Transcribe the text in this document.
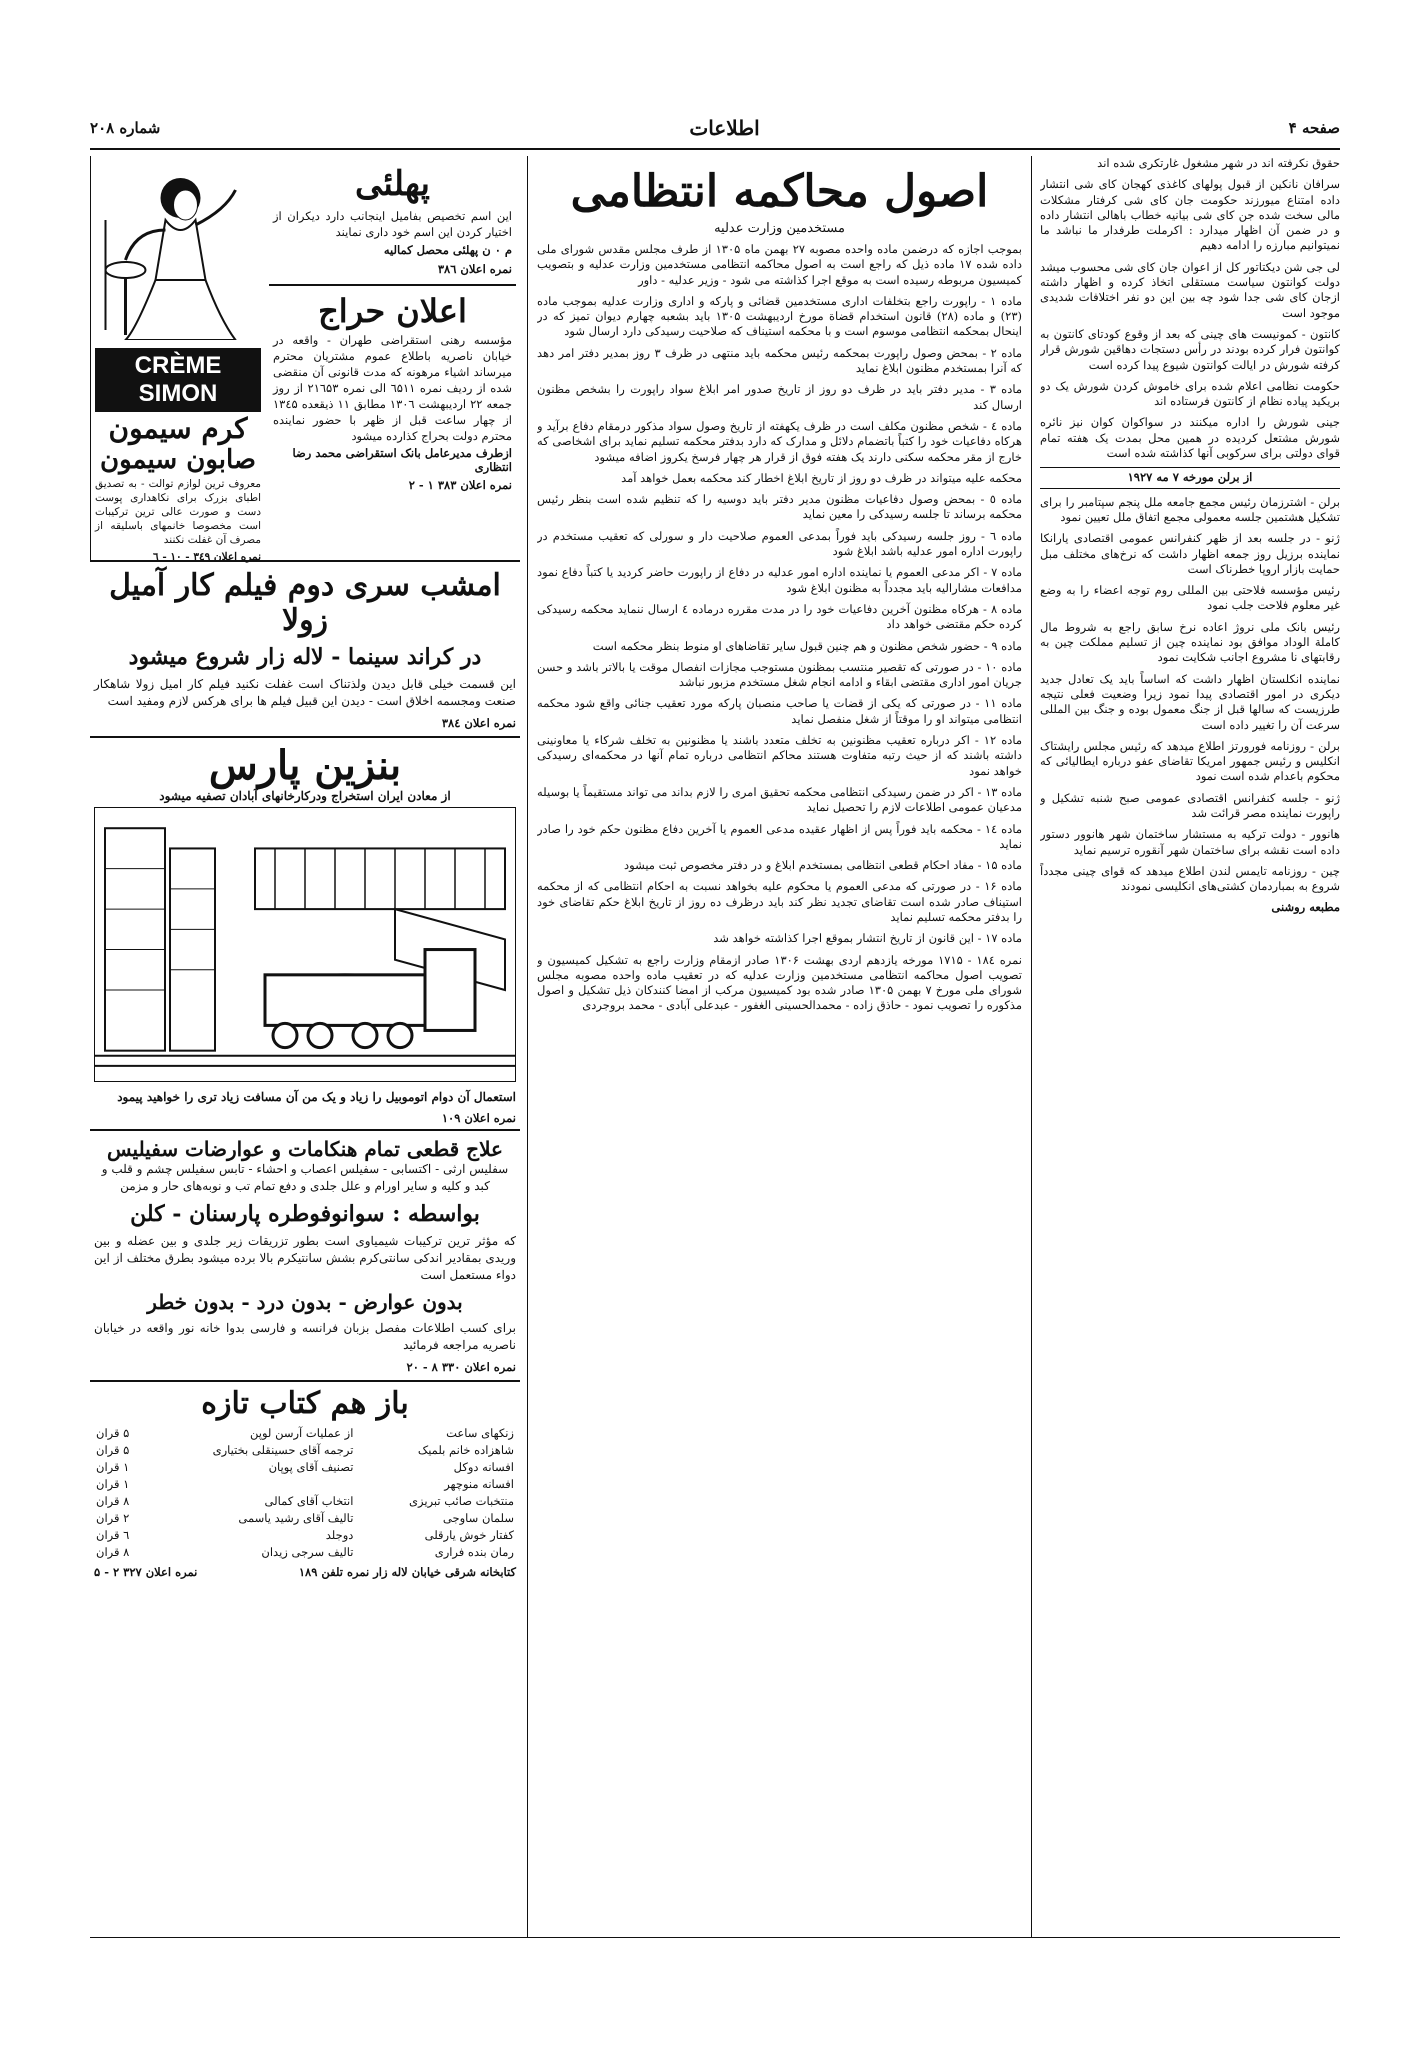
صفحه ۴
اطلاعات
شماره ۲۰۸

حقوق نکرفته اند در شهر مشغول غارتکری شده اند

سرافان نانکین از قبول پولهای کاغذی کهجان کای شی انتشار داده امتناع میورزند حکومت جان کای شی کرفتار مشکلات مالی سخت شده جن کای شی بیانیه خطاب باهالی انتشار داده و در ضمن آن اظهار میدارد : اکرملت طرفدار ما نباشد ما نمیتوانیم مبارزه را ادامه دهیم

لی جی شن دیکتاتور کل از اعوان جان کای شی محسوب میشد دولت کوانتون سیاست مستقلی اتخاذ کرده و اظهار داشته ازجان کای شی جدا شود چه بین این دو نفر اختلافات شدیدی موجود است

کانتون - کمونیست های چینی که بعد از وقوع کودتای کانتون به کوانتون فرار کرده بودند در رأس دستجات دهاقین شورش قرار کرفته شورش در ایالت کوانتون شیوع پیدا کرده است

حکومت نظامی اعلام شده برای خاموش کردن شورش یک دو بریکید پیاده نظام از کانتون فرستاده اند

جینی شورش را اداره میکنند در سواکوان کوان نیز نائره شورش مشتعل کردیده در همین محل بمدت یک هفته تمام قوای دولتی برای سرکوبی آنها کذاشته شده است

از برلن مورخه ۷ مه ۱۹۲۷

برلن - اشترزمان رئیس مجمع جامعه ملل پنجم سپتامبر را برای تشکیل هشتمین جلسه معمولی مجمع اتفاق ملل تعیین نمود

ژنو - در جلسه بعد از ظهر کنفرانس عمومی اقتصادی یارانکا نماینده برزیل روز جمعه اظهار داشت که نرخ‌های مختلف مبل حمایت بازار اروپا خطرناک است

رئیس مؤسسه فلاحتی بین المللی روم توجه اعضاء را به وضع غیر معلوم فلاحت جلب نمود

رئیس بانک ملی نروژ اعاده نرخ سابق راجع به شروط مال کاملة الوداد موافق بود نماینده چین از تسلیم مملکت چین به رقابتهای نا مشروع اجانب شکایت نمود

نماینده انکلستان اظهار داشت که اساساً باید یک تعادل جدید دیکری در امور اقتصادی پیدا نمود زیرا وضعیت فعلی نتیجه طرزیست که سالها قبل از جنگ معمول بوده و جنگ بین المللی سرعت آن را تغییر داده است

برلن - روزنامه فورورتز اطلاع میدهد که رئیس مجلس رایشتاک انکلیس و رئیس جمهور امریکا تقاضای عفو درباره ایطالیائی که محکوم باعدام شده است نمود

ژنو - جلسه کنفرانس اقتصادی عمومی صبح شنبه تشکیل و راپورت نماینده مصر قرائت شد

هانوور - دولت ترکیه به مستشار ساختمان شهر هانوور دستور داده است نقشه برای ساختمان شهر آنقوره ترسیم نماید

چین - روزنامه تایمس لندن اطلاع میدهد که قوای چینی مجدداً شروع به بمباردمان کشتی‌های انکلیسی نمودند

مطبعه روشنی

اصول محاکمه انتظامی
مستخدمین وزارت عدلیه

بموجب اجازه که درضمن ماده واحده مصوبه ۲۷ بهمن ماه ۱۳۰۵ از طرف مجلس مقدس شورای ملی داده شده ۱۷ ماده ذیل که راجع است به اصول محاکمه انتظامی مستخدمین وزارت عدلیه و بتصویب کمیسیون مربوطه رسیده است به موقع اجرا کذاشته می شود - وزیر عدلیه - داور

ماده ۱ - راپورت راجع بتخلفات اداری مستخدمین قضائی و پارکه و اداری وزارت عدلیه بموجب ماده (۲۳) و ماده (۲۸) قانون استخدام قضاة مورخ اردیبهشت ۱۳۰۵ باید بشعبه چهارم دیوان تمیز که در اینحال بمحکمه انتظامی موسوم است و با محکمه استیناف که صلاحیت رسیدکی دارد ارسال شود

ماده ۲ - بمحض وصول راپورت بمحکمه رئیس محکمه باید منتهی در ظرف ۳ روز بمدیر دفتر امر دهد که آنرا بمستخدم مظنون ابلاغ نماید

ماده ۳ - مدیر دفتر باید در ظرف دو روز از تاریخ صدور امر ابلاغ سواد راپورت را بشخص مظنون ارسال کند

ماده ٤ - شخص مظنون مکلف است در ظرف یکهفته از تاریخ وصول سواد مذکور درمقام دفاع برآید و هرکاه دفاعیات خود را کتباً باتضمام دلائل و مدارک که دارد بدفتر محکمه تسلیم نماید برای اشخاصی که خارج از مقر محکمه سکنی دارند یک هفته فوق از قرار هر چهار فرسخ یکروز اضافه میشود

محکمه علیه میتواند در ظرف دو روز از تاریخ ابلاغ اخطار کند محکمه بعمل خواهد آمد

ماده ٥ - بمحض وصول دفاعیات مظنون مدیر دفتر باید دوسیه را که تنظیم شده است بنظر رئیس محکمه برساند تا جلسه رسیدکی را معین نماید

ماده ٦ - روز جلسه رسیدکی باید فوراً بمدعی العموم صلاحیت دار و سورلی که تعقیب مستخدم در راپورت اداره امور عدلیه باشد ابلاغ شود

ماده ۷ - اکر مدعی العموم یا نماینده اداره امور عدلیه در دفاع از راپورت حاضر کردید یا کتباً دفاع نمود مدافعات مشارالیه باید مجدداً به مظنون ابلاغ شود

ماده ۸ - هرکاه مظنون آخرین دفاعیات خود را در مدت مقرره درماده ٤ ارسال ننماید محکمه رسیدکی کرده حکم مقتضی خواهد داد

ماده ۹ - حضور شخص مظنون و هم چنین قبول سایر تقاضاهای او منوط بنظر محکمه است

ماده ۱۰ - در صورتی که تقصیر منتسب بمظنون مستوجب مجازات انفصال موقت یا بالاتر باشد و حسن جریان امور اداری مقتضی ابقاء و ادامه انجام شغل مستخدم مزبور نباشد

ماده ۱۱ - در صورتی که یکی از قضات یا صاحب منصبان پارکه مورد تعقیب جنائی واقع شود محکمه انتظامی میتواند او را موقتاً از شغل منفصل نماید

ماده ۱۲ - اکر درباره تعقیب مظنونین به تخلف متعدد باشند یا مظنونین به تخلف شرکاء یا معاونینی داشته باشند که از حیث رتبه متفاوت هستند محاکم انتظامی درباره تمام آنها در محکمه‌ای رسیدکی خواهد نمود

ماده ۱۳ - اکر در ضمن رسیدکی انتظامی محکمه تحقیق امری را لازم بداند می تواند مستقیماً یا بوسیله مدعیان عمومی اطلاعات لازم را تحصیل نماید

ماده ۱٤ - محکمه باید فوراً پس از اظهار عقیده مدعی العموم یا آخرین دفاع مظنون حکم خود را صادر نماید

ماده ۱۵ - مفاد احکام قطعی انتظامی بمستخدم ابلاغ و در دفتر مخصوص ثبت میشود

ماده ۱۶ - در صورتی که مدعی العموم یا محکوم علیه بخواهد نسبت به احکام انتظامی که از محکمه استیناف صادر شده است تقاضای تجدید نظر کند باید درظرف ده روز از تاریخ ابلاغ حکم تقاضای خود را بدفتر محکمه تسلیم نماید

ماده ۱۷ - این قانون از تاریخ انتشار بموقع اجرا کذاشته خواهد شد

نمره ۱۸٤ - ۱۷۱۵ مورخه یازدهم اردی بهشت ۱۳۰۶ صادر ازمقام وزارت راجع به تشکیل کمیسیون و تصویب اصول محاکمه انتظامی مستخدمین وزارت عدلیه که در تعقیب ماده واحده مصوبه مجلس شورای ملی مورخ ۷ بهمن ۱۳۰۵ صادر شده بود کمیسیون مرکب از امضا کنندکان ذیل تشکیل و اصول مذکوره را تصویب نمود - حاذق زاده - محمدالحسینی الغفور - عبدعلی آبادی - محمد بروجردی

پهلئی

این اسم تخصیص بفامیل اینجانب دارد دیکران از اختیار کردن این اسم خود داری نمایند

م ٠ ن پهلئی محصل کمالیه

نمره اعلان ۳۸٦
اعلان حراج

مؤسسه رهنی استقراضی طهران - واقعه در خیابان ناصریه باطلاع عموم مشتریان محترم میرساند اشیاء مرهونه که مدت قانونی آن منقضی شده از ردیف نمره ٦۵۱۱ الی نمره ۲۱٦۵۳ از روز جمعه ۲۲ اردیبهشت ۱۳۰٦ مطابق ۱۱ ذیقعده ۱۳٤۵ از چهار ساعت قبل از ظهر با حضور نماینده محترم دولت بحراج کذارده میشود

ازطرف مدیرعامل بانک استقراضی محمد رضا انتظاری

نمره اعلان ۳۸۳ ۱ - ۲
CRÈME SIMON
کرم سیمون
صابون سیمون

معروف ترین لوازم توالت - به تصدیق اطبای بزرک برای نکاهداری پوست دست و صورت عالی ترین ترکیبات است مخصوصا خانمهای باسلیقه از مصرف آن غفلت نکنند

نمره اعلان ۳٤۹ - ۱۰ - ٦
امشب سری دوم فیلم کار آمیل زولا
در کراند سینما - لاله زار شروع میشود

این قسمت خیلی قابل دیدن ولذتناک است غفلت نکنید فیلم کار امیل زولا شاهکار صنعت ومجسمه اخلاق است - دیدن این قبیل فیلم ها برای هرکس لازم ومفید است

نمره اعلان ۳۸٤
بنزین پارس
از معادن ایران استخراج ودرکارخانهای آبادان تصفیه میشود

استعمال آن دوام اتوموبیل را زیاد و یک من آن مسافت زیاد تری را خواهید پیمود

نمره اعلان ۱۰۹
علاج قطعی تمام هنکامات و عوارضات سفیلیس

سفلیس ارثی - اکتسابی - سفیلس اعصاب و احشاء - تابس سفیلس چشم و قلب و کبد و کلیه و سایر اورام و علل جلدی و دفع تمام تب و نوبه‌های حار و مزمن

بواسطه : سوانوفوطره پارسنان - کلن

که مؤثر ترین ترکیبات شیمیاوی است بطور تزریقات زیر جلدی و بین عضله و بین وریدی بمقادیر اندکی سانتی‌کرم بشش سانتیکرم بالا برده میشود بطرق مختلف از این دواء مستعمل است

بدون عوارض - بدون درد - بدون خطر

برای کسب اطلاعات مفصل بزبان فرانسه و فارسی بدوا خانه نور واقعه در خیابان ناصریه مراجعه فرمائید

نمره اعلان ۳۳۰ ۸ - ۲۰
باز هم کتاب تازه
زنکهای ساعت	از عملیات آرسن لوپن	۵ قران
شاهزاده خانم بلمیک	ترجمه آقای حسینقلی بختیاری	۵ قران
افسانه دوکل	تصنیف آقای پوپان	۱ قران
افسانه منوچهر		۱ قران
منتخبات صائب تبریزی	انتخاب آقای کمالی	۸ قران
سلمان ساوجی	تالیف آقای رشید یاسمی	۲ قران
کفتار خوش یارقلی	دوجلد	٦ قران
رمان بنده فراری	تالیف سرجی زیدان	۸ قران
کتابخانه شرقی خیابان لاله زار نمره تلفن ۱۸۹
نمره اعلان ۳۲۷ ۲ - ۵
